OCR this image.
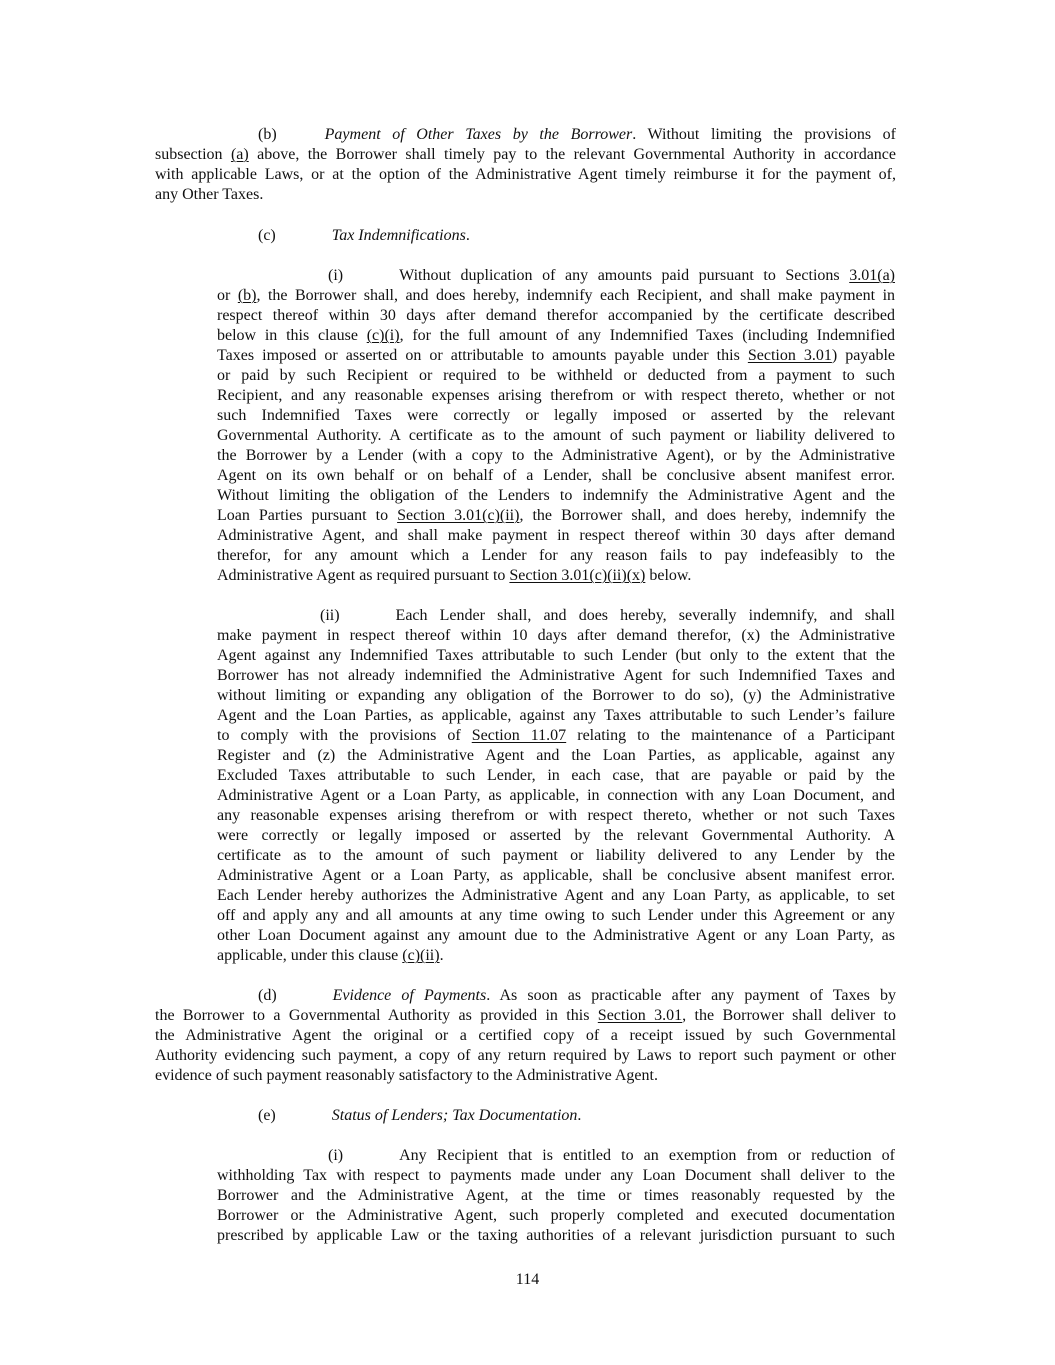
(b)   	Payment of Other Taxes by the Borrower. Without limiting the provisions of
subsection (a) above, the Borrower shall timely pay to the relevant Governmental Authority in accordance
with applicable Laws, or at the option of the Administrative Agent timely reimburse it for the payment of,
any Other Taxes.
(c)    	Tax Indemnifications.
(i)    	Without duplication of any amounts paid pursuant to Sections 3.01(a)
or (b), the Borrower shall, and does hereby, indemnify each Recipient, and shall make payment in
respect thereof within 30 days after demand therefor accompanied by the certificate described
below in this clause (c)(i), for the full amount of any Indemnified Taxes (including Indemnified
Taxes imposed or asserted on or attributable to amounts payable under this Section 3.01) payable
or paid by such Recipient or required to be withheld or deducted from a payment to such
Recipient, and any reasonable expenses arising therefrom or with respect thereto, whether or not
such Indemnified Taxes were correctly or legally imposed or asserted by the relevant
Governmental Authority. A certificate as to the amount of such payment or liability delivered to
the Borrower by a Lender (with a copy to the Administrative Agent), or by the Administrative
Agent on its own behalf or on behalf of a Lender, shall be conclusive absent manifest error.
Without limiting the obligation of the Lenders to indemnify the Administrative Agent and the
Loan Parties pursuant to Section 3.01(c)(ii), the Borrower shall, and does hereby, indemnify the
Administrative Agent, and shall make payment in respect thereof within 30 days after demand
therefor, for any amount which a Lender for any reason fails to pay indefeasibly to the
Administrative Agent as required pursuant to Section 3.01(c)(ii)(x) below.
(ii)    	Each Lender shall, and does hereby, severally indemnify, and shall
make payment in respect thereof within 10 days after demand therefor, (x) the Administrative
Agent against any Indemnified Taxes attributable to such Lender (but only to the extent that the
Borrower has not already indemnified the Administrative Agent for such Indemnified Taxes and
without limiting or expanding any obligation of the Borrower to do so), (y) the Administrative
Agent and the Loan Parties, as applicable, against any Taxes attributable to such Lender’s failure
to comply with the provisions of Section 11.07 relating to the maintenance of a Participant
Register and (z) the Administrative Agent and the Loan Parties, as applicable, against any
Excluded Taxes attributable to such Lender, in each case, that are payable or paid by the
Administrative Agent or a Loan Party, as applicable, in connection with any Loan Document, and
any reasonable expenses arising therefrom or with respect thereto, whether or not such Taxes
were correctly or legally imposed or asserted by the relevant Governmental Authority. A
certificate as to the amount of such payment or liability delivered to any Lender by the
Administrative Agent or a Loan Party, as applicable, shall be conclusive absent manifest error.
Each Lender hereby authorizes the Administrative Agent and any Loan Party, as applicable, to set
off and apply any and all amounts at any time owing to such Lender under this Agreement or any
other Loan Document against any amount due to the Administrative Agent or any Loan Party, as
applicable, under this clause (c)(ii).
(d)    	Evidence of Payments. As soon as practicable after any payment of Taxes by
the Borrower to a Governmental Authority as provided in this Section 3.01, the Borrower shall deliver to
the Administrative Agent the original or a certified copy of a receipt issued by such Governmental
Authority evidencing such payment, a copy of any return required by Laws to report such payment or other
evidence of such payment reasonably satisfactory to the Administrative Agent.
(e)    	Status of Lenders; Tax Documentation.
(i)    	Any Recipient that is entitled to an exemption from or reduction of
withholding Tax with respect to payments made under any Loan Document shall deliver to the
Borrower and the Administrative Agent, at the time or times reasonably requested by the
Borrower or the Administrative Agent, such properly completed and executed documentation
prescribed by applicable Law or the taxing authorities of a relevant jurisdiction pursuant to such
114
